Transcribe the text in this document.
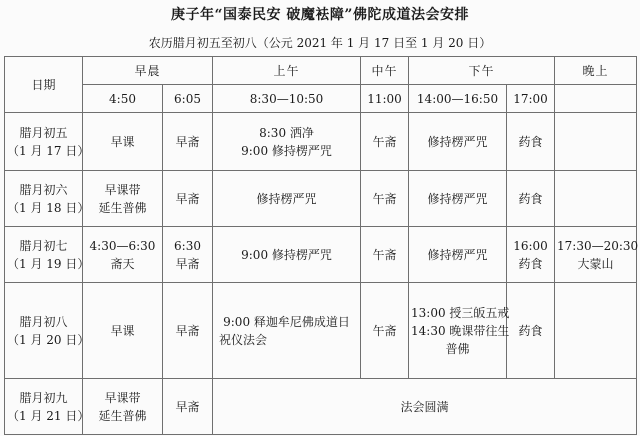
庚子年“国泰民安 破魔袪障”佛陀成道法会安排
农历腊月初五至初八（公元 2021 年 1 月 17 日至 1 月 20 日）
日期	早晨		上午	中午	下午		晚上
	4:50	6:05	8:30—10:50	11:00	14:00—16:50	17:00	

腊月初五
（1 月 17 日）	早课	早斋	8:30 洒净
9:00 修持楞严咒	午斋	修持楞严咒	药食	

腊月初六
（1 月 18 日）	早课带
延生普佛	早斋	修持楞严咒	午斋	修持楞严咒	药食	

腊月初七
（1 月 19 日）	4:30—6:30
斋天	6:30
早斋	9:00 修持楞严咒	午斋	修持楞严咒	16:00
药食	17:30—20:30
大蒙山

腊月初八
（1 月 20 日）	早课	早斋	9:00 释迦牟尼佛成道日
祝仪法会	午斋	13:00 授三皈五戒
14:30 晚课带往生
普佛	药食	

腊月初九
（1 月 21 日）	早课带
延生普佛	早斋	法会圆满				
